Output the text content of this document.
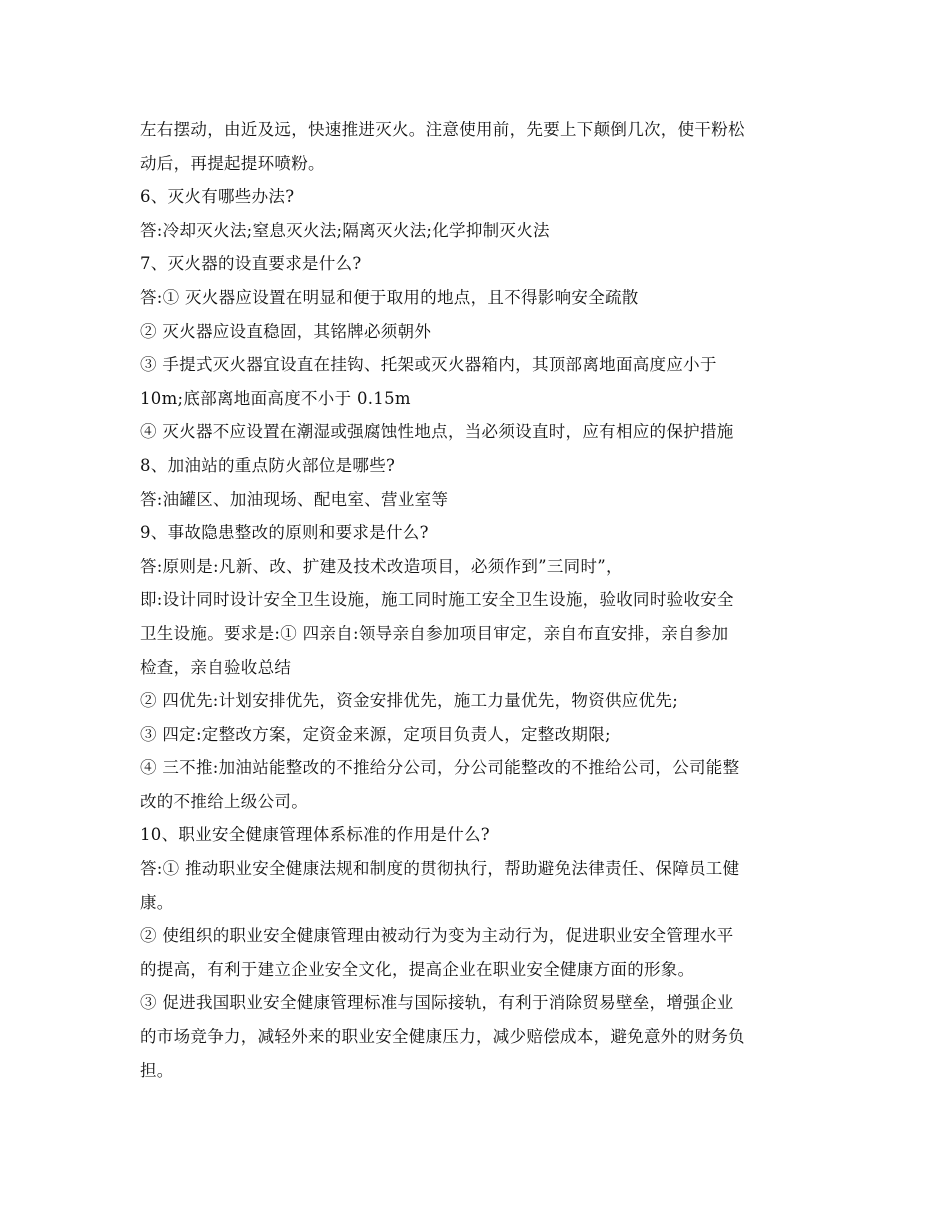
左右摆动，由近及远，快速推进灭火。注意使用前，先要上下颠倒几次，使干粉松
动后，再提起提环喷粉。
6、灭火有哪些办法?
答:冷却灭火法;窒息灭火法;隔离灭火法;化学抑制灭火法
7、灭火器的设直要求是什么?
答:① 灭火器应设置在明显和便于取用的地点，且不得影响安全疏散
② 灭火器应设直稳固，其铭牌必须朝外
③ 手提式灭火器宜设直在挂钩、托架或灭火器箱内，其顶部离地面高度应小于
10m;底部离地面高度不小于 0.15m
④ 灭火器不应设置在潮湿或强腐蚀性地点，当必须设直时，应有相应的保护措施
8、加油站的重点防火部位是哪些?
答:油罐区、加油现场、配电室、营业室等
9、事故隐患整改的原则和要求是什么?
答:原则是:凡新、改、扩建及技术改造项目，必须作到”三同时”，
即:设计同时设计安全卫生设施，施工同时施工安全卫生设施，验收同时验收安全
卫生设施。要求是:① 四亲自:领导亲自参加项目审定，亲自布直安排，亲自参加
检查，亲自验收总结
② 四优先:计划安排优先，资金安排优先，施工力量优先，物资供应优先;
③ 四定:定整改方案，定资金来源，定项目负责人，定整改期限;
④ 三不推:加油站能整改的不推给分公司，分公司能整改的不推给公司，公司能整
改的不推给上级公司。
10、职业安全健康管理体系标准的作用是什么?
答:① 推动职业安全健康法规和制度的贯彻执行，帮助避免法律责任、保障员工健
康。
② 使组织的职业安全健康管理由被动行为变为主动行为，促进职业安全管理水平
的提高，有利于建立企业安全文化，提高企业在职业安全健康方面的形象。
③ 促进我国职业安全健康管理标准与国际接轨，有利于消除贸易壁垒，增强企业
的市场竞争力，减轻外来的职业安全健康压力，减少赔偿成本，避免意外的财务负
担。
